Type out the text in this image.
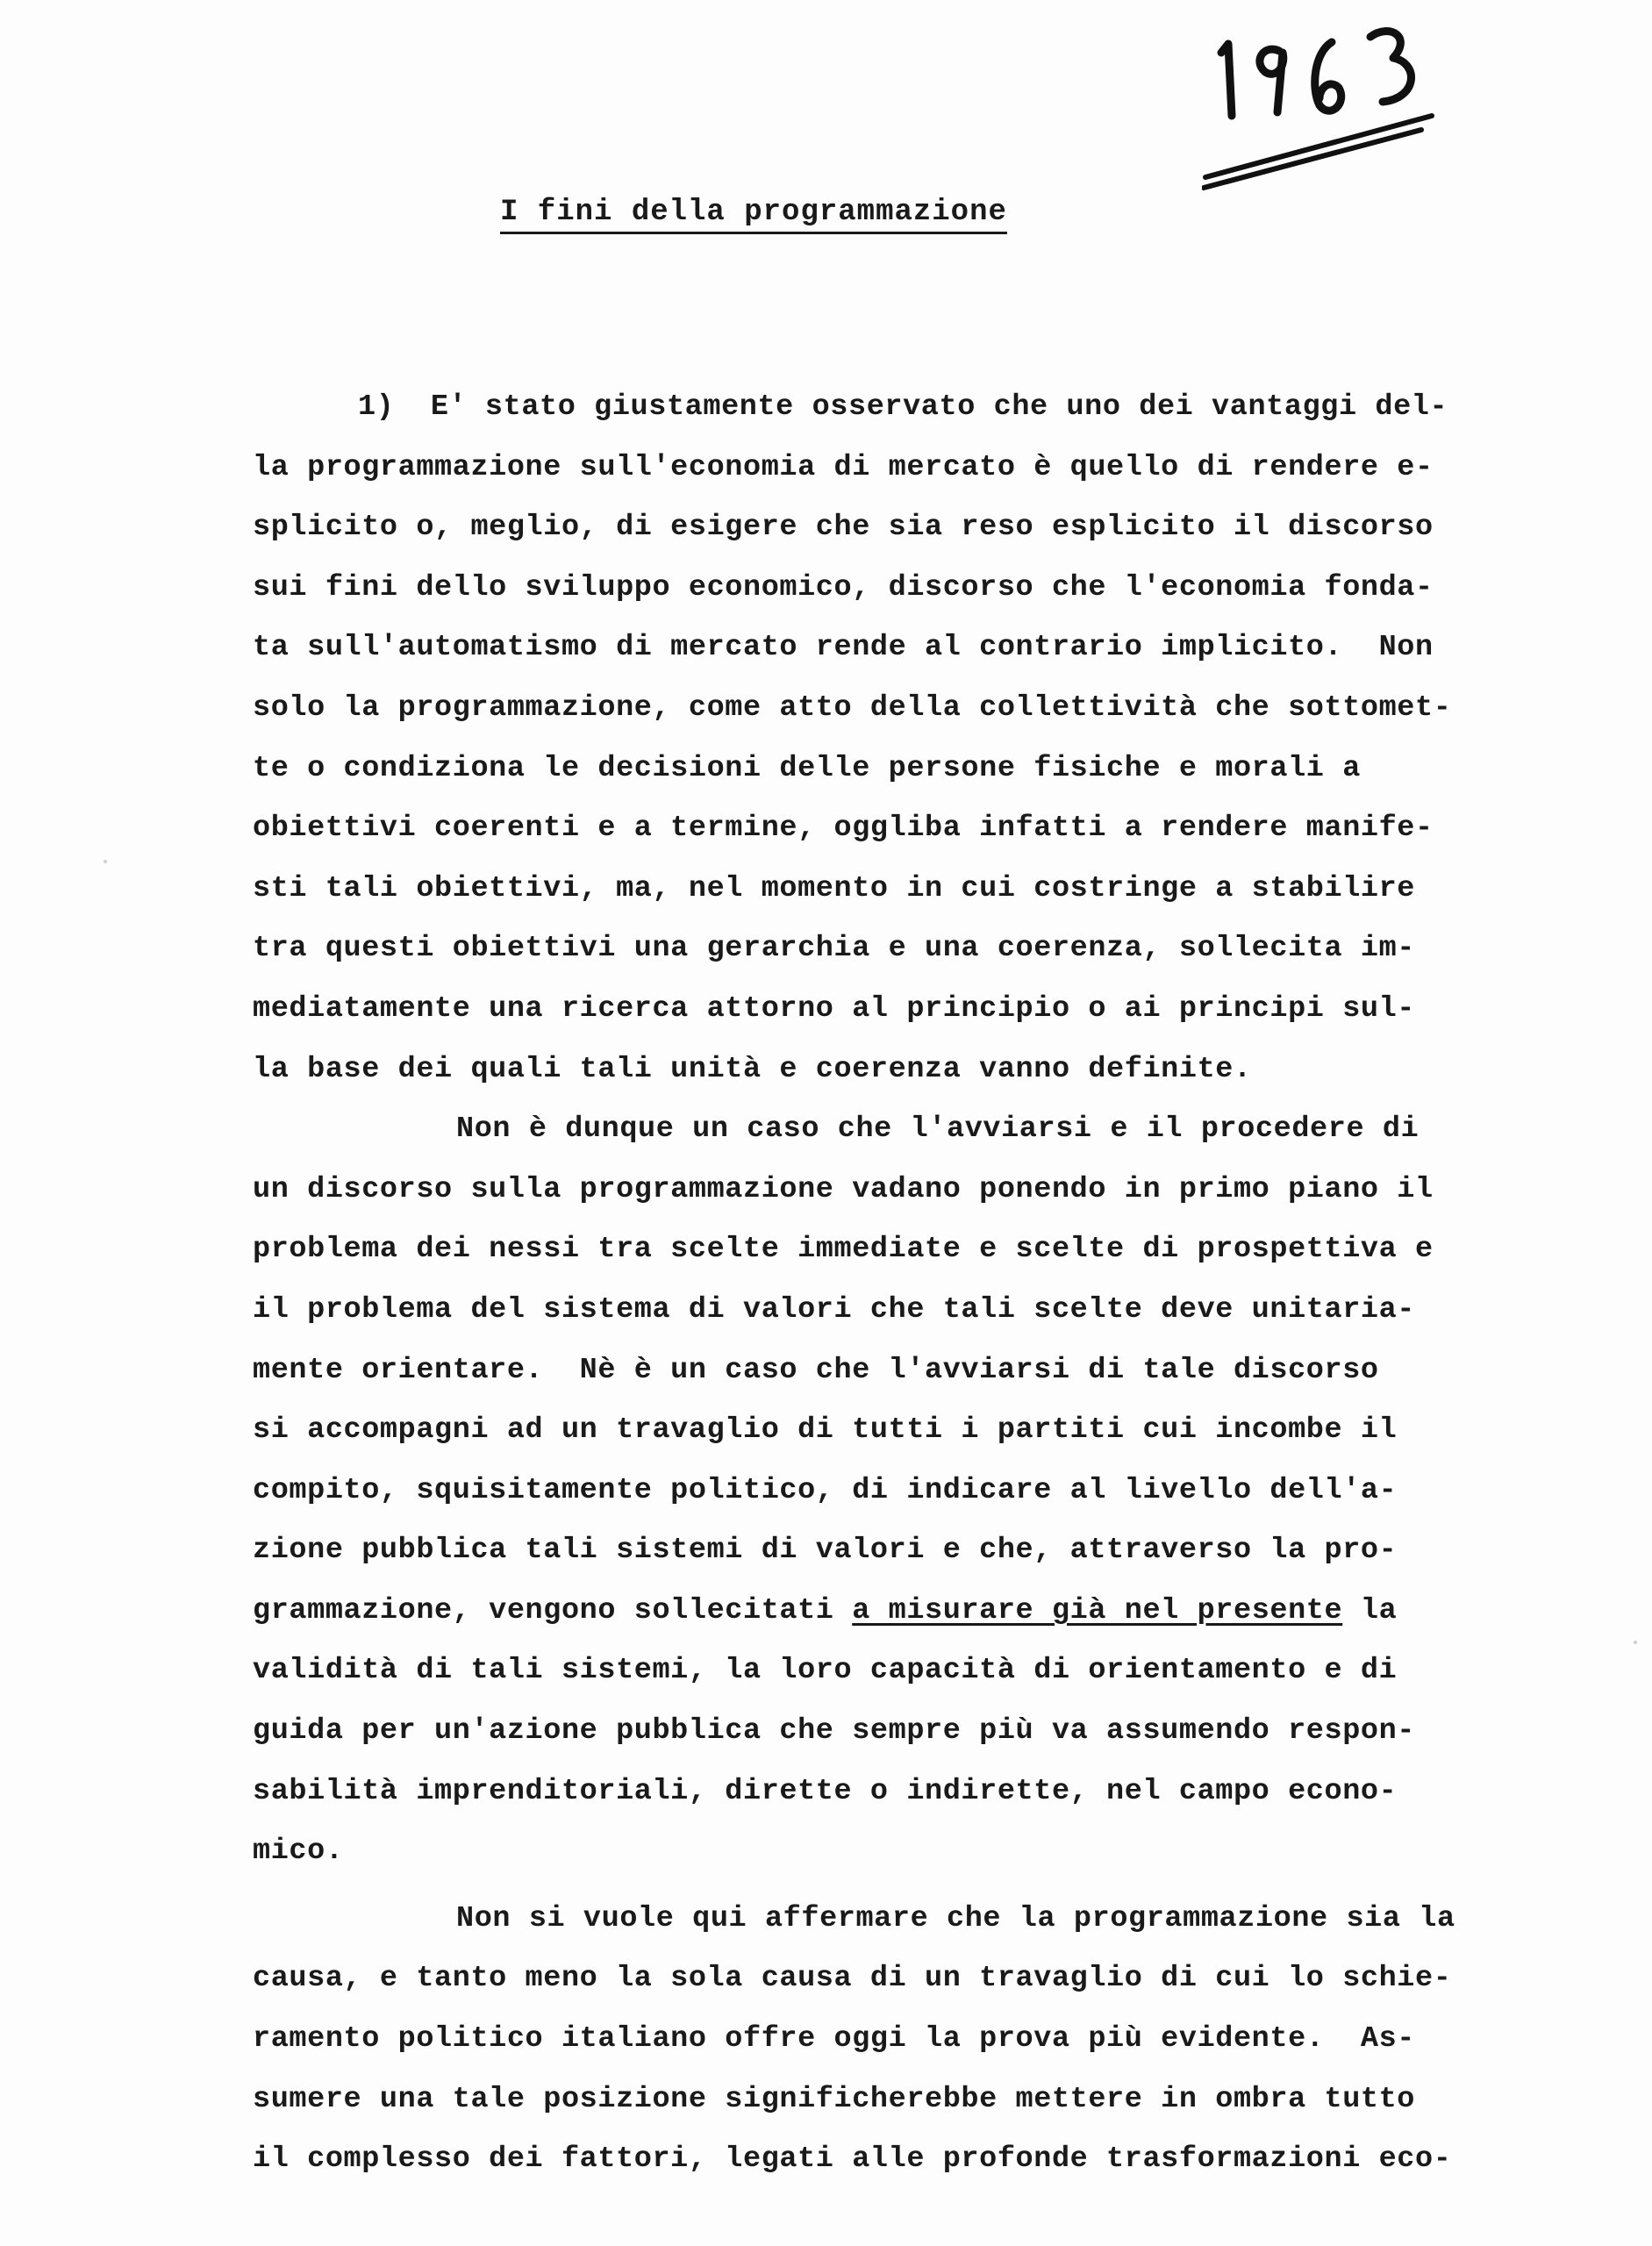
I fini della programmazione
1)  E' stato giustamente osservato che uno dei vantaggi del-
la programmazione sull'economia di mercato è quello di rendere e-
splicito o, meglio, di esigere che sia reso esplicito il discorso
sui fini dello sviluppo economico, discorso che l'economia fonda-
ta sull'automatismo di mercato rende al contrario implicito.  Non
solo la programmazione, come atto della collettività che sottomet-
te o condiziona le decisioni delle persone fisiche e morali a
obiettivi coerenti e a termine, ogglibа infatti a rendere manife-
sti tali obiettivi, ma, nel momento in cui costringe a stabilire
tra questi obiettivi una gerarchia e una coerenza, sollecita im-
mediatamente una ricerca attorno al principio o ai principi sul-
la base dei quali tali unità e coerenza vanno definite.
Non è dunque un caso che l'avviarsi e il procedere di
un discorso sulla programmazione vadano ponendo in primo piano il
problema dei nessi tra scelte immediate e scelte di prospettiva e
il problema del sistema di valori che tali scelte deve unitaria-
mente orientare.  Nè è un caso che l'avviarsi di tale discorso
si accompagni ad un travaglio di tutti i partiti cui incombe il
compito, squisitamente politico, di indicare al livello dell'a-
zione pubblica tali sistemi di valori e che, attraverso la pro-
grammazione, vengono sollecitati a misurare già nel presente la
validità di tali sistemi, la loro capacità di orientamento e di
guida per un'azione pubblica che sempre più va assumendo respon-
sabilità imprenditoriali, dirette o indirette, nel campo econo-
mico.
Non si vuole qui affermare che la programmazione sia la
causa, e tanto meno la sola causa di un travaglio di cui lo schie-
ramento politico italiano offre oggi la prova più evidente.  As-
sumere una tale posizione significherebbe mettere in ombra tutto
il complesso dei fattori, legati alle profonde trasformazioni eco-
